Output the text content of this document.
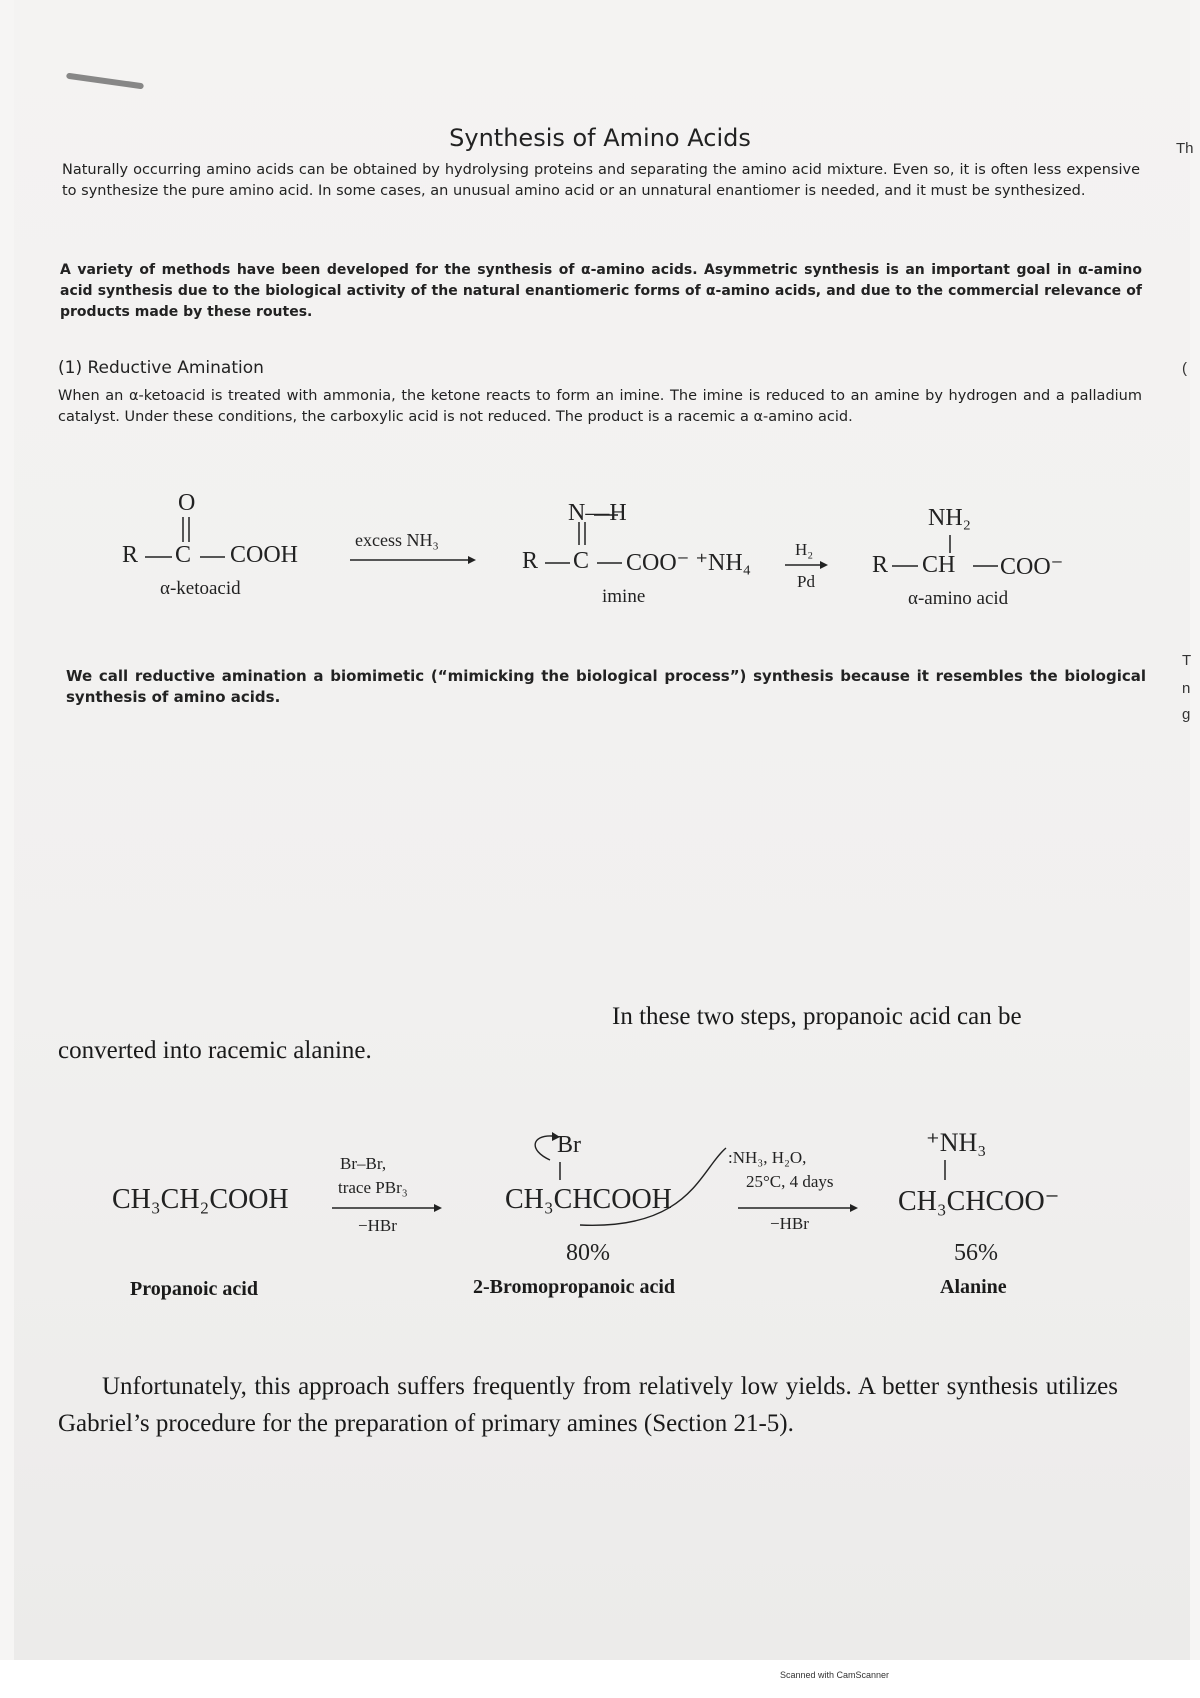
Th
(
T
n
g
Synthesis of Amino Acids
Naturally occurring amino acids can be obtained by hydrolysing proteins and separating the amino acid mixture. Even so, it is often less expensive to synthesize the pure amino acid. In some cases, an unusual amino acid or an unnatural enantiomer is needed, and it must be synthesized.
A variety of methods have been developed for the synthesis of α-amino acids. Asymmetric synthesis is an important goal in α-amino acid synthesis due to the biological activity of the natural enantiomeric forms of α-amino acids, and due to the commercial relevance of products made by these routes.
(1) Reductive Amination
When an α-ketoacid is treated with ammonia, the ketone reacts to form an imine. The imine is reduced to an amine by hydrogen and a palladium catalyst. Under these conditions, the carboxylic acid is not reduced. The product is a racemic a α-amino acid.
O
R C COOH
α-ketoacid
excess NH₃
N—H
R C COO⁻ ⁺NH₄
imine
H₂
Pd
NH₂
R CH COO⁻
α-amino acid
We call reductive amination a biomimetic (“mimicking the biological process”) synthesis because it resembles the biological synthesis of amino acids.
In these two steps, propanoic acid can be
converted into racemic alanine.
CH₃CH₂COOH
Propanoic acid
Br–Br,
trace PBr₃
−HBr
Br
CH₃CHCOOH
80%
2-Bromopropanoic acid
:NH₃, H₂O,
25°C, 4 days
−HBr
⁺NH₃
CH₃CHCOO⁻
56%
Alanine
Unfortunately, this approach suffers frequently from relatively low yields. A better synthesis utilizes Gabriel’s procedure for the preparation of primary amines (Section 21-5).
Scanned with CamScanner
